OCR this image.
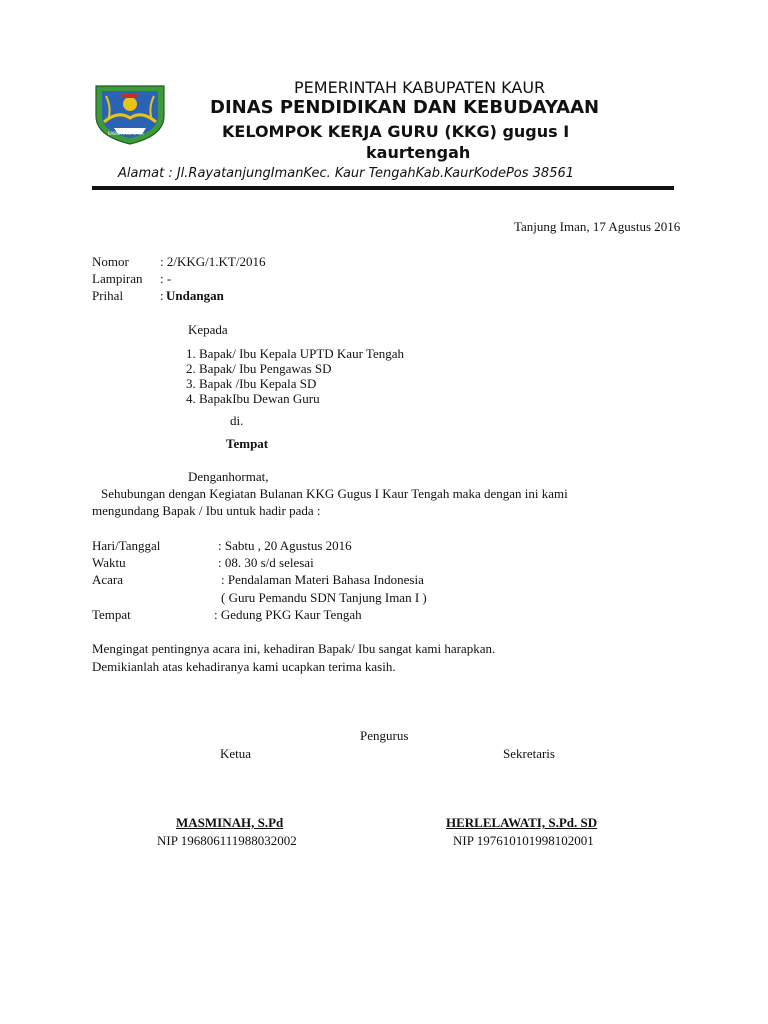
KABUPATEN KAUR
PEMERINTAH KABUPATEN KAUR
DINAS PENDIDIKAN DAN KEBUDAYAAN
KELOMPOK KERJA GURU (KKG) gugus I
kaurtengah
Alamat : Jl.RayatanjungImanKec. Kaur TengahKab.KaurKodePos 38561
Tanjung Iman, 17 Agustus 2016
Nomor : 2/KKG/1.KT/2016
Lampiran : -
Prihal	: Undangan
Kepada
1. Bapak/ Ibu Kepala UPTD Kaur Tengah
2. Bapak/ Ibu Pengawas SD
3. Bapak /Ibu Kepala SD
4. BapakIbu Dewan Guru
di.
Tempat
Denganhormat,
Sehubungan dengan Kegiatan Bulanan KKG Gugus I Kaur Tengah maka dengan ini kami
mengundang Bapak / Ibu untuk hadir pada :
Hari/Tanggal	: Sabtu , 20 Agustus 2016
Waktu	: 08. 30 s/d selesai
Acara	: Pendalaman Materi Bahasa Indonesia
( Guru Pemandu SDN Tanjung Iman I )
Tempat	: Gedung PKG Kaur Tengah
Mengingat pentingnya acara ini, kehadiran Bapak/ Ibu sangat kami harapkan.
Demikianlah atas kehadiranya kami ucapkan terima kasih.
Pengurus
Ketua	Sekretaris
MASMINAH, S.Pd	HERLELAWATI, S.Pd. SD
NIP 196806111988032002	NIP 197610101998102001
